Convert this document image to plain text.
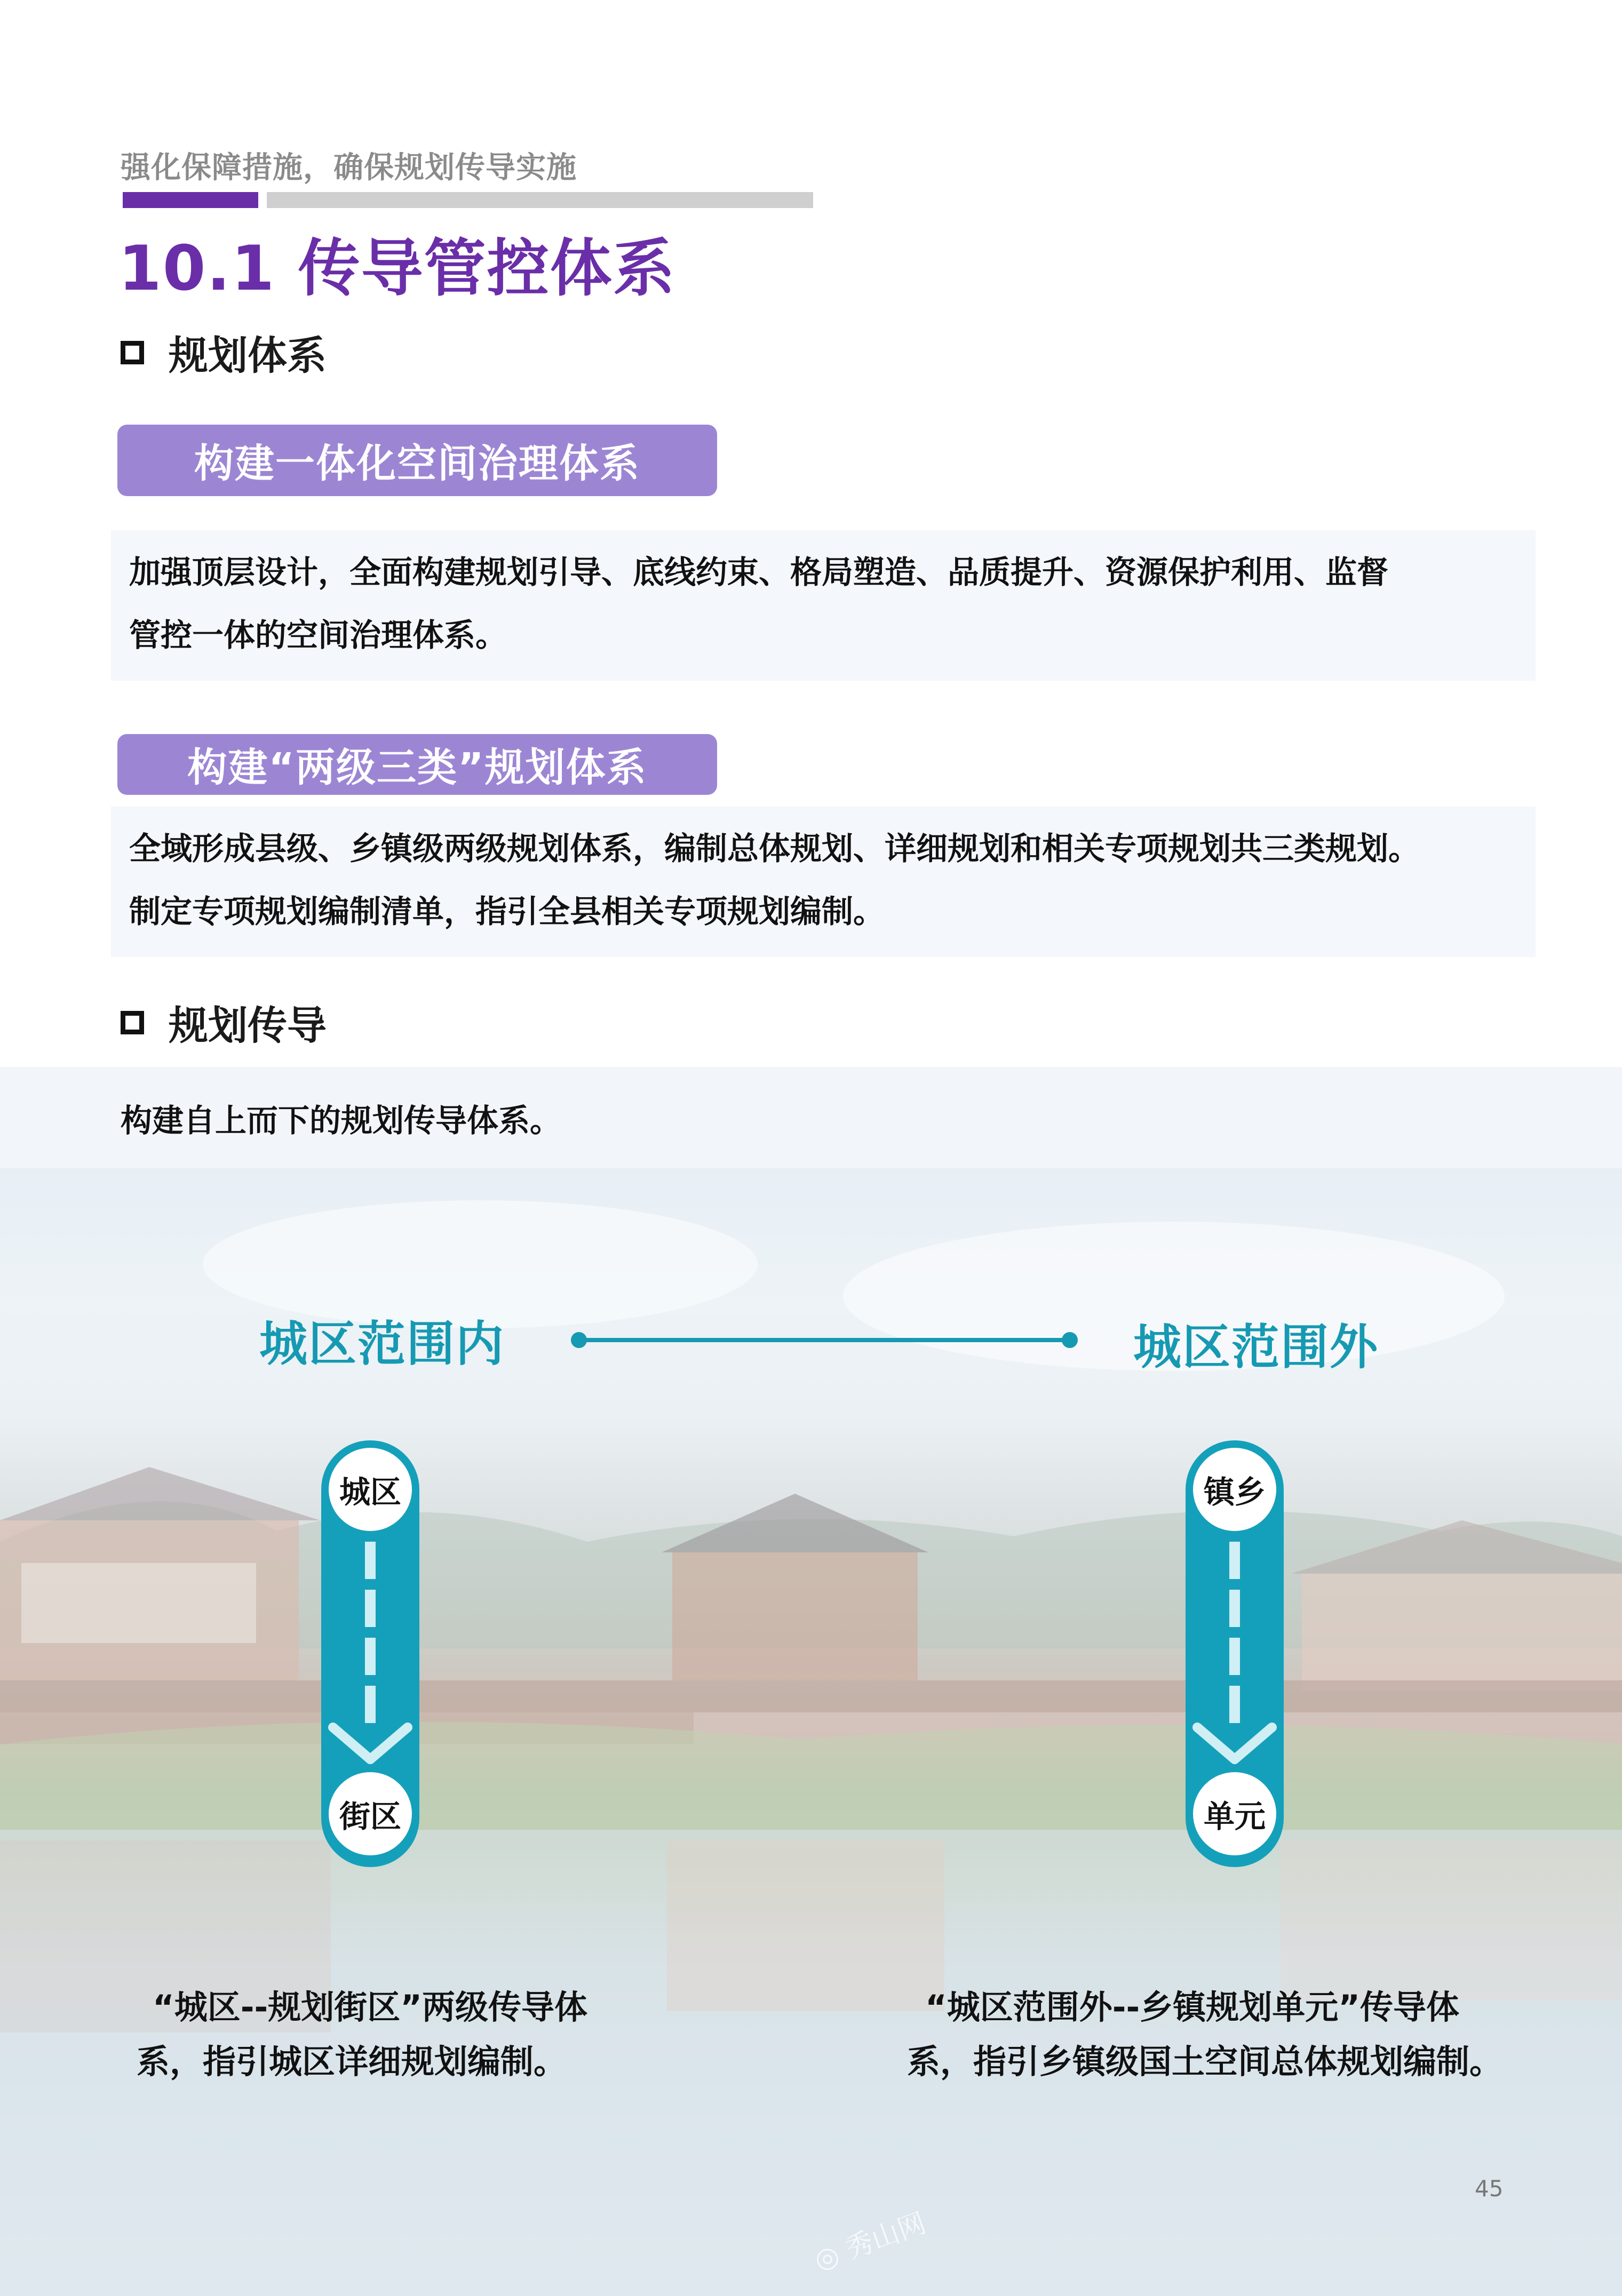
强化保障措施，确保规划传导实施
10.1 传导管控体系
规划体系
构建一体化空间治理体系
加强顶层设计，全面构建规划引导、底线约束、格局塑造、品质提升、资源保护利用、监督
管控一体的空间治理体系。
构建“两级三类”规划体系
全域形成县级、乡镇级两级规划体系，编制总体规划、详细规划和相关专项规划共三类规划。
制定专项规划编制清单，指引全县相关专项规划编制。
规划传导
构建自上而下的规划传导体系。
城区范围内	城区范围外
城区
街区
镇乡
单元
“城区--规划街区”两级传导体
系，指引城区详细规划编制。
“城区范围外--乡镇规划单元”传导体
系，指引乡镇级国土空间总体规划编制。
45
◎ 秀山网
